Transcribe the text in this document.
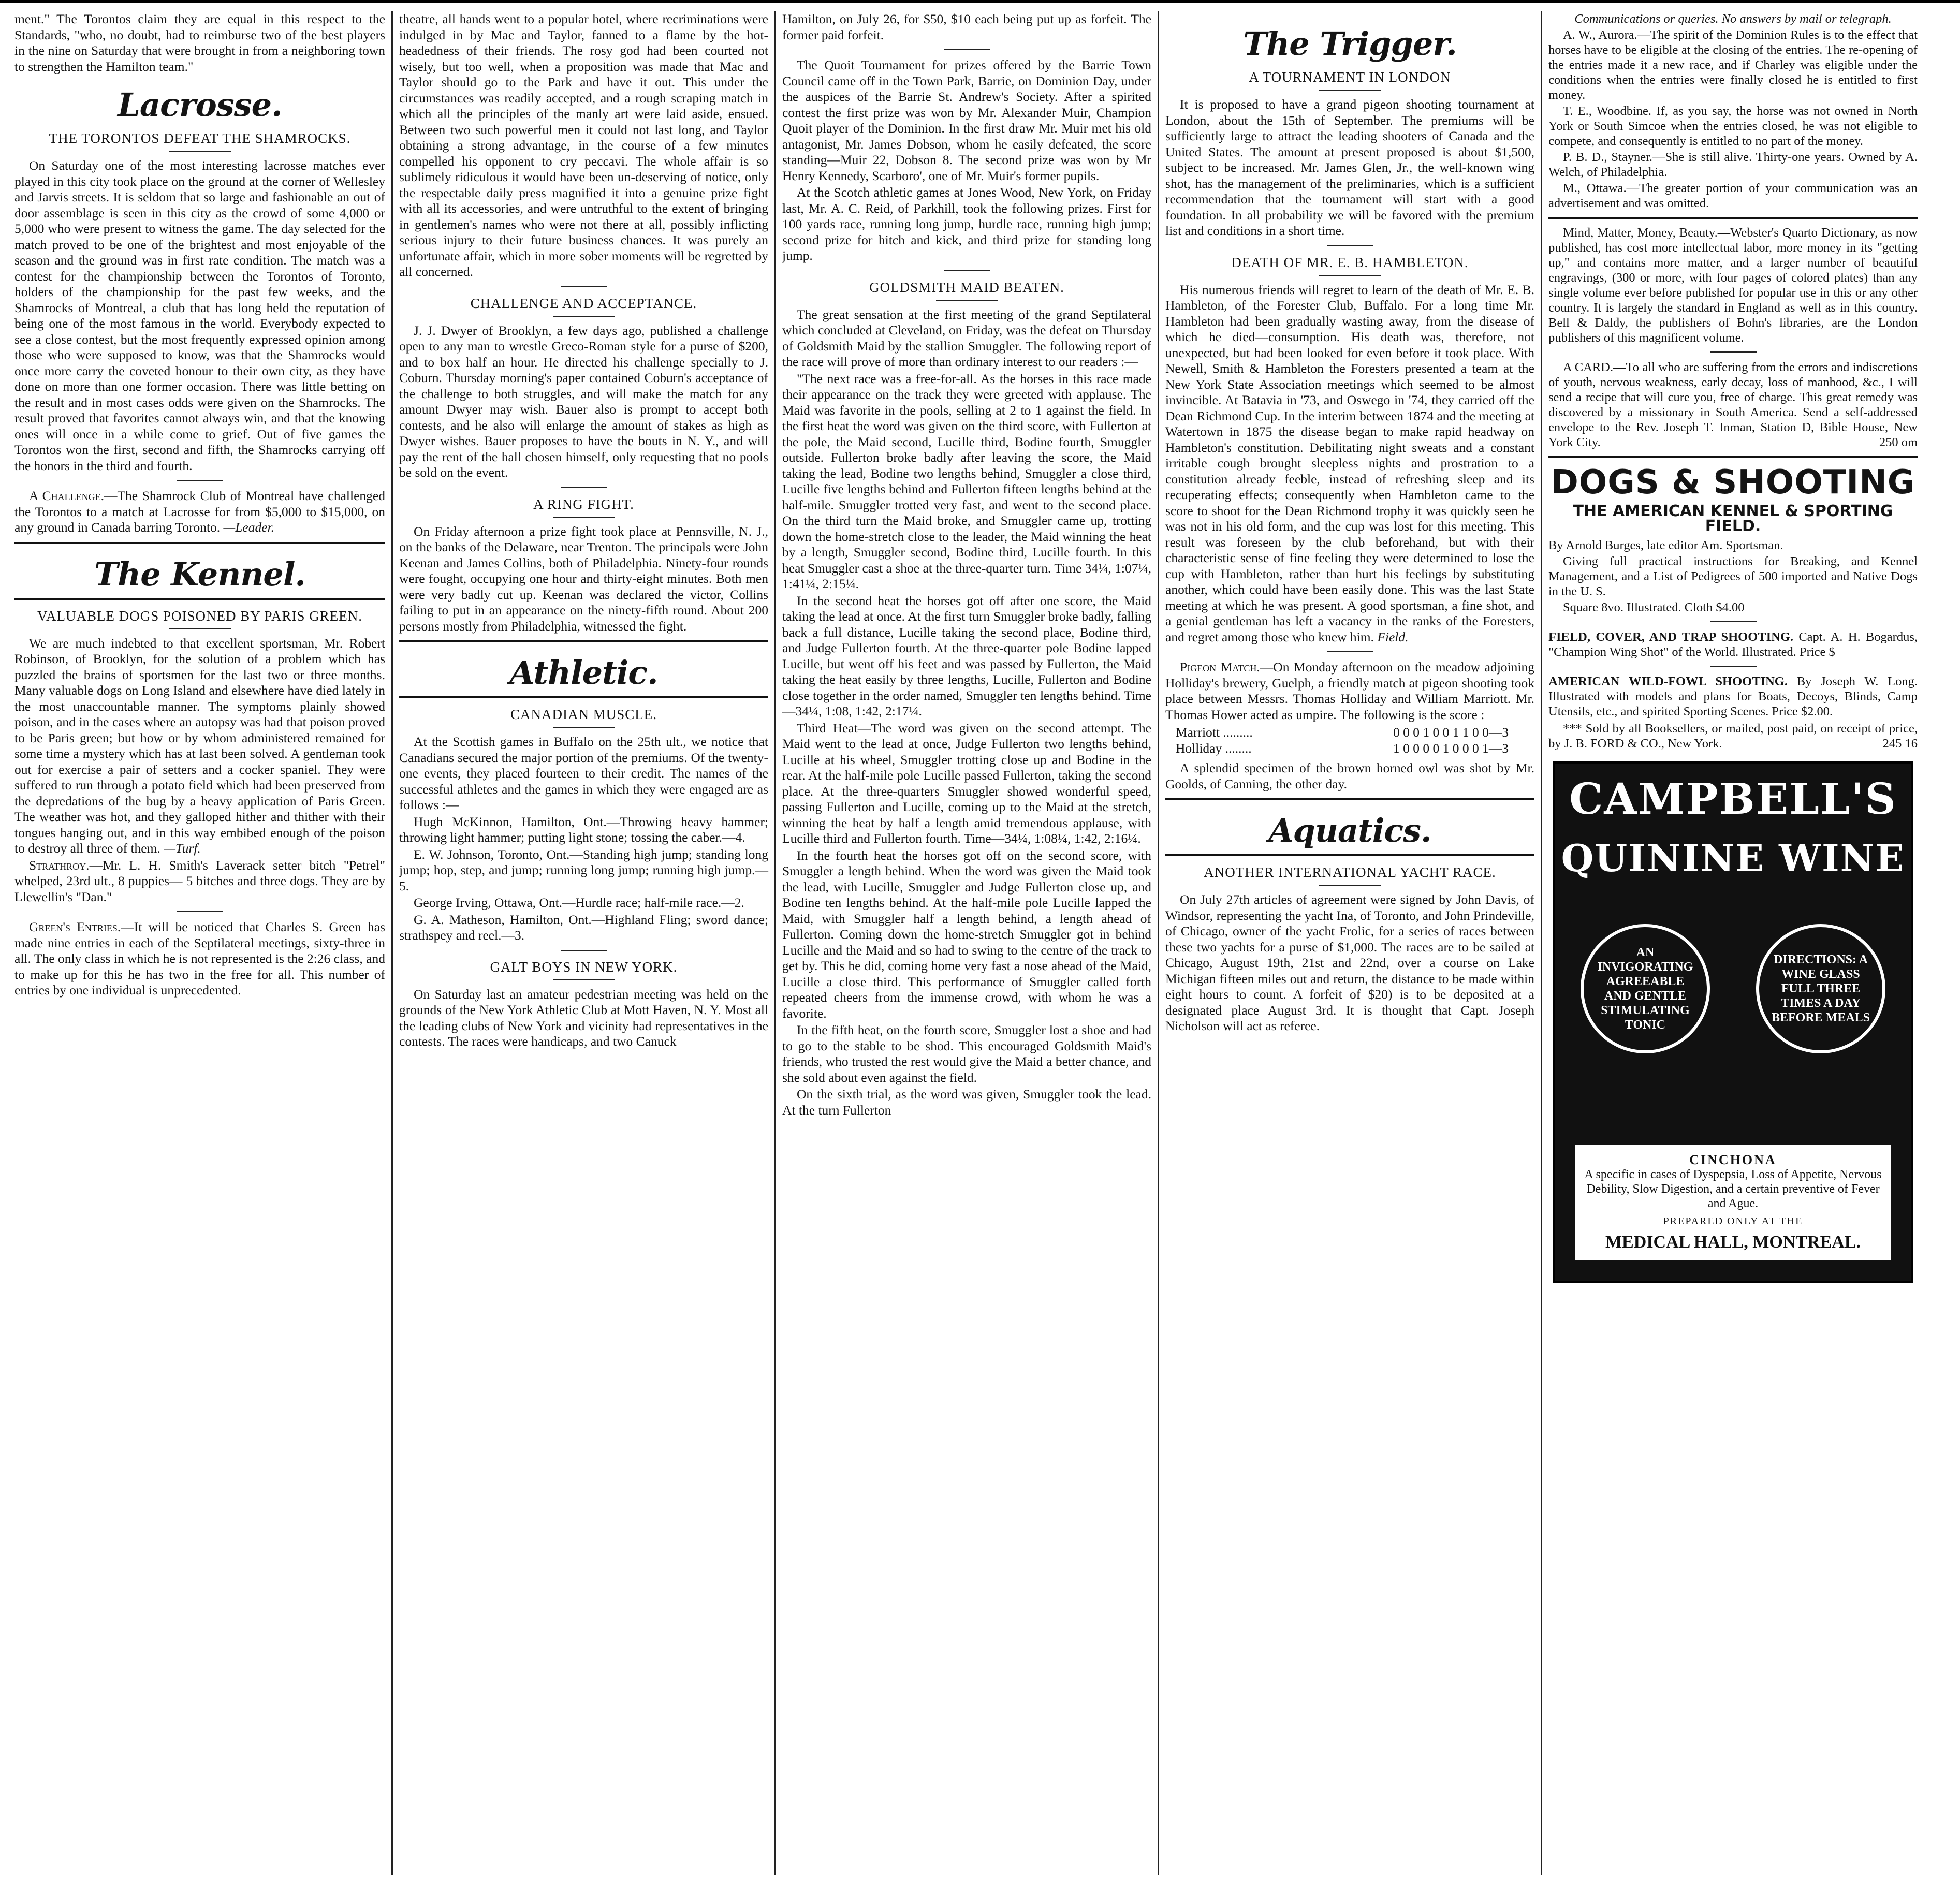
ment." The Torontos claim they are equal in this respect to the Standards, "who, no doubt, had to reimburse two of the best players in the nine on Saturday that were brought in from a neighboring town to strengthen the Hamilton team."

Lacrosse.
THE TORONTOS DEFEAT THE SHAMROCKS.

On Saturday one of the most interesting lacrosse matches ever played in this city took place on the ground at the corner of Wellesley and Jarvis streets. It is seldom that so large and fashionable an out of door assemblage is seen in this city as the crowd of some 4,000 or 5,000 who were present to witness the game. The day selected for the match proved to be one of the brightest and most enjoyable of the season and the ground was in first rate condition. The match was a contest for the championship between the Torontos of Toronto, holders of the championship for the past few weeks, and the Shamrocks of Montreal, a club that has long held the reputation of being one of the most famous in the world. Everybody expected to see a close contest, but the most frequently expressed opinion among those who were supposed to know, was that the Shamrocks would once more carry the coveted honour to their own city, as they have done on more than one former occasion. There was little betting on the result and in most cases odds were given on the Shamrocks. The result proved that favorites cannot always win, and that the knowing ones will once in a while come to grief. Out of five games the Torontos won the first, second and fifth, the Shamrocks carrying off the honors in the third and fourth.

A Challenge.—The Shamrock Club of Montreal have challenged the Torontos to a match at Lacrosse for from $5,000 to $15,000, on any ground in Canada barring Toronto. —Leader.

The Kennel.
VALUABLE DOGS POISONED BY PARIS GREEN.

We are much indebted to that excellent sportsman, Mr. Robert Robinson, of Brooklyn, for the solution of a problem which has puzzled the brains of sportsmen for the last two or three months. Many valuable dogs on Long Island and elsewhere have died lately in the most unaccountable manner. The symptoms plainly showed poison, and in the cases where an autopsy was had that poison proved to be Paris green; but how or by whom administered remained for some time a mystery which has at last been solved. A gentleman took out for exercise a pair of setters and a cocker spaniel. They were suffered to run through a potato field which had been preserved from the depredations of the bug by a heavy application of Paris Green. The weather was hot, and they galloped hither and thither with their tongues hanging out, and in this way embibed enough of the poison to destroy all three of them. —Turf.

Strathroy.—Mr. L. H. Smith's Laverack setter bitch "Petrel" whelped, 23rd ult., 8 puppies— 5 bitches and three dogs. They are by Llewellin's "Dan."

Green's Entries.—It will be noticed that Charles S. Green has made nine entries in each of the Septilateral meetings, sixty-three in all. The only class in which he is not represented is the 2:26 class, and to make up for this he has two in the free for all. This number of entries by one individual is unprecedented.

theatre, all hands went to a popular hotel, where recriminations were indulged in by Mac and Taylor, fanned to a flame by the hot-headedness of their friends. The rosy god had been courted not wisely, but too well, when a proposition was made that Mac and Taylor should go to the Park and have it out. This under the circumstances was readily accepted, and a rough scraping match in which all the principles of the manly art were laid aside, ensued. Between two such powerful men it could not last long, and Taylor obtaining a strong advantage, in the course of a few minutes compelled his opponent to cry peccavi. The whole affair is so sublimely ridiculous it would have been un-deserving of notice, only the respectable daily press magnified it into a genuine prize fight with all its accessories, and were untruthful to the extent of bringing in gentlemen's names who were not there at all, possibly inflicting serious injury to their future business chances. It was purely an unfortunate affair, which in more sober moments will be regretted by all concerned.

CHALLENGE AND ACCEPTANCE.

J. J. Dwyer of Brooklyn, a few days ago, published a challenge open to any man to wrestle Greco-Roman style for a purse of $200, and to box half an hour. He directed his challenge specially to J. Coburn. Thursday morning's paper contained Coburn's acceptance of the challenge to both struggles, and will make the match for any amount Dwyer may wish. Bauer also is prompt to accept both contests, and he also will enlarge the amount of stakes as high as Dwyer wishes. Bauer proposes to have the bouts in N. Y., and will pay the rent of the hall chosen himself, only requesting that no pools be sold on the event.

A RING FIGHT.

On Friday afternoon a prize fight took place at Pennsville, N. J., on the banks of the Delaware, near Trenton. The principals were John Keenan and James Collins, both of Philadelphia. Ninety-four rounds were fought, occupying one hour and thirty-eight minutes. Both men were very badly cut up. Keenan was declared the victor, Collins failing to put in an appearance on the ninety-fifth round. About 200 persons mostly from Philadelphia, witnessed the fight.

Athletic.
CANADIAN MUSCLE.

At the Scottish games in Buffalo on the 25th ult., we notice that Canadians secured the major portion of the premiums. Of the twenty-one events, they placed fourteen to their credit. The names of the successful athletes and the games in which they were engaged are as follows :—

Hugh McKinnon, Hamilton, Ont.—Throwing heavy hammer; throwing light hammer; putting light stone; tossing the caber.—4.

E. W. Johnson, Toronto, Ont.—Standing high jump; standing long jump; hop, step, and jump; running long jump; running high jump.—5.

George Irving, Ottawa, Ont.—Hurdle race; half-mile race.—2.

G. A. Matheson, Hamilton, Ont.—Highland Fling; sword dance; strathspey and reel.—3.

GALT BOYS IN NEW YORK.

On Saturday last an amateur pedestrian meeting was held on the grounds of the New York Athletic Club at Mott Haven, N. Y. Most all the leading clubs of New York and vicinity had representatives in the contests. The races were handicaps, and two Canuck

Hamilton, on July 26, for $50, $10 each being put up as forfeit. The former paid forfeit.

The Quoit Tournament for prizes offered by the Barrie Town Council came off in the Town Park, Barrie, on Dominion Day, under the auspices of the Barrie St. Andrew's Society. After a spirited contest the first prize was won by Mr. Alexander Muir, Champion Quoit player of the Dominion. In the first draw Mr. Muir met his old antagonist, Mr. James Dobson, whom he easily defeated, the score standing—Muir 22, Dobson 8. The second prize was won by Mr Henry Kennedy, Scarboro', one of Mr. Muir's former pupils.

At the Scotch athletic games at Jones Wood, New York, on Friday last, Mr. A. C. Reid, of Parkhill, took the following prizes. First for 100 yards race, running long jump, hurdle race, running high jump; second prize for hitch and kick, and third prize for standing long jump.

GOLDSMITH MAID BEATEN.

The great sensation at the first meeting of the grand Septilateral which concluded at Cleveland, on Friday, was the defeat on Thursday of Goldsmith Maid by the stallion Smuggler. The following report of the race will prove of more than ordinary interest to our readers :—

"The next race was a free-for-all. As the horses in this race made their appearance on the track they were greeted with applause. The Maid was favorite in the pools, selling at 2 to 1 against the field. In the first heat the word was given on the third score, with Fullerton at the pole, the Maid second, Lucille third, Bodine fourth, Smuggler outside. Fullerton broke badly after leaving the score, the Maid taking the lead, Bodine two lengths behind, Smuggler a close third, Lucille five lengths behind and Fullerton fifteen lengths behind at the half-mile. Smuggler trotted very fast, and went to the second place. On the third turn the Maid broke, and Smuggler came up, trotting down the home-stretch close to the leader, the Maid winning the heat by a length, Smuggler second, Bodine third, Lucille fourth. In this heat Smuggler cast a shoe at the three-quarter turn. Time 34¼, 1:07¼, 1:41¼, 2:15¼.

In the second heat the horses got off after one score, the Maid taking the lead at once. At the first turn Smuggler broke badly, falling back a full distance, Lucille taking the second place, Bodine third, and Judge Fullerton fourth. At the three-quarter pole Bodine lapped Lucille, but went off his feet and was passed by Fullerton, the Maid taking the heat easily by three lengths, Lucille, Fullerton and Bodine close together in the order named, Smuggler ten lengths behind. Time—34¼, 1:08, 1:42, 2:17¼.

Third Heat—The word was given on the second attempt. The Maid went to the lead at once, Judge Fullerton two lengths behind, Lucille at his wheel, Smuggler trotting close up and Bodine in the rear. At the half-mile pole Lucille passed Fullerton, taking the second place. At the three-quarters Smuggler showed wonderful speed, passing Fullerton and Lucille, coming up to the Maid at the stretch, winning the heat by half a length amid tremendous applause, with Lucille third and Fullerton fourth. Time—34¼, 1:08¼, 1:42, 2:16¼.

In the fourth heat the horses got off on the second score, with Smuggler a length behind. When the word was given the Maid took the lead, with Lucille, Smuggler and Judge Fullerton close up, and Bodine ten lengths behind. At the half-mile pole Lucille lapped the Maid, with Smuggler half a length behind, a length ahead of Fullerton. Coming down the home-stretch Smuggler got in behind Lucille and the Maid and so had to swing to the centre of the track to get by. This he did, coming home very fast a nose ahead of the Maid, Lucille a close third. This performance of Smuggler called forth repeated cheers from the immense crowd, with whom he was a favorite.

In the fifth heat, on the fourth score, Smuggler lost a shoe and had to go to the stable to be shod. This encouraged Goldsmith Maid's friends, who trusted the rest would give the Maid a better chance, and she sold about even against the field.

On the sixth trial, as the word was given, Smuggler took the lead. At the turn Fullerton

The Trigger.
A TOURNAMENT IN LONDON

It is proposed to have a grand pigeon shooting tournament at London, about the 15th of September. The premiums will be sufficiently large to attract the leading shooters of Canada and the United States. The amount at present proposed is about $1,500, subject to be increased. Mr. James Glen, Jr., the well-known wing shot, has the management of the preliminaries, which is a sufficient recommendation that the tournament will start with a good foundation. In all probability we will be favored with the premium list and conditions in a short time.

DEATH OF MR. E. B. HAMBLETON.

His numerous friends will regret to learn of the death of Mr. E. B. Hambleton, of the Forester Club, Buffalo. For a long time Mr. Hambleton had been gradually wasting away, from the disease of which he died—consumption. His death was, therefore, not unexpected, but had been looked for even before it took place. With Newell, Smith & Hambleton the Foresters presented a team at the New York State Association meetings which seemed to be almost invincible. At Batavia in '73, and Oswego in '74, they carried off the Dean Richmond Cup. In the interim between 1874 and the meeting at Watertown in 1875 the disease began to make rapid headway on Hambleton's constitution. Debilitating night sweats and a constant irritable cough brought sleepless nights and prostration to a constitution already feeble, instead of refreshing sleep and its recuperating effects; consequently when Hambleton came to the score to shoot for the Dean Richmond trophy it was quickly seen he was not in his old form, and the cup was lost for this meeting. This result was foreseen by the club beforehand, but with their characteristic sense of fine feeling they were determined to lose the cup with Hambleton, rather than hurt his feelings by substituting another, which could have been easily done. This was the last State meeting at which he was present. A good sportsman, a fine shot, and a genial gentleman has left a vacancy in the ranks of the Foresters, and regret among those who knew him. Field.

Pigeon Match.—On Monday afternoon on the meadow adjoining Holliday's brewery, Guelph, a friendly match at pigeon shooting took place between Messrs. Thomas Holliday and William Marriott. Mr. Thomas Hower acted as umpire. The following is the score :

Marriott .........	0 0 0 1 0 0 1 1 0 0—3
Holliday ........	1 0 0 0 0 1 0 0 0 1—3

A splendid specimen of the brown horned owl was shot by Mr. Goolds, of Canning, the other day.

Aquatics.
ANOTHER INTERNATIONAL YACHT RACE.

On July 27th articles of agreement were signed by John Davis, of Windsor, representing the yacht Ina, of Toronto, and John Prindeville, of Chicago, owner of the yacht Frolic, for a series of races between these two yachts for a purse of $1,000. The races are to be sailed at Chicago, August 19th, 21st and 22nd, over a course on Lake Michigan fifteen miles out and return, the distance to be made within eight hours to count. A forfeit of $20) is to be deposited at a designated place August 3rd. It is thought that Capt. Joseph Nicholson will act as referee.

Communications or queries. No answers by mail or telegraph.

A. W., Aurora.—The spirit of the Dominion Rules is to the effect that horses have to be eligible at the closing of the entries. The re-opening of the entries made it a new race, and if Charley was eligible under the conditions when the entries were finally closed he is entitled to first money.

T. E., Woodbine. If, as you say, the horse was not owned in North York or South Simcoe when the entries closed, he was not eligible to compete, and consequently is entitled to no part of the money.

P. B. D., Stayner.—She is still alive. Thirty-one years. Owned by A. Welch, of Philadelphia.

M., Ottawa.—The greater portion of your communication was an advertisement and was omitted.

Mind, Matter, Money, Beauty.—Webster's Quarto Dictionary, as now published, has cost more intellectual labor, more money in its "getting up," and contains more matter, and a larger number of beautiful engravings, (300 or more, with four pages of colored plates) than any single volume ever before published for popular use in this or any other country. It is largely the standard in England as well as in this country. Bell & Daldy, the publishers of Bohn's libraries, are the London publishers of this magnificent volume.

A CARD.—To all who are suffering from the errors and indiscretions of youth, nervous weakness, early decay, loss of manhood, &c., I will send a recipe that will cure you, free of charge. This great remedy was discovered by a missionary in South America. Send a self-addressed envelope to the Rev. Joseph T. Inman, Station D, Bible House, New York City.	250 om

DOGS & SHOOTING
THE AMERICAN KENNEL & SPORTING FIELD.

By Arnold Burges, late editor Am. Sportsman.

Giving full practical instructions for Breaking, and Kennel Management, and a List of Pedigrees of 500 imported and Native Dogs in the U. S.

Square 8vo. Illustrated. Cloth $4.00

FIELD, COVER, AND TRAP SHOOTING. Capt. A. H. Bogardus, "Champion Wing Shot" of the World. Illustrated. Price $
AMERICAN WILD-FOWL SHOOTING. By Joseph W. Long. Illustrated with models and plans for Boats, Decoys, Blinds, Camp Utensils, etc., and spirited Sporting Scenes. Price $2.00.

*** Sold by all Booksellers, or mailed, post paid, on receipt of price, by J. B. FORD & CO., New York.	245 16

CAMPBELL'S
QUININE WINE
AN INVIGORATING AGREEABLE AND GENTLE STIMULATING TONIC
DIRECTIONS: A WINE GLASS FULL THREE TIMES A DAY BEFORE MEALS
CINCHONA
A specific in cases of Dyspepsia, Loss of Appetite, Nervous Debility, Slow Digestion, and a certain preventive of Fever and Ague.
PREPARED ONLY AT THE
MEDICAL HALL, MONTREAL.
